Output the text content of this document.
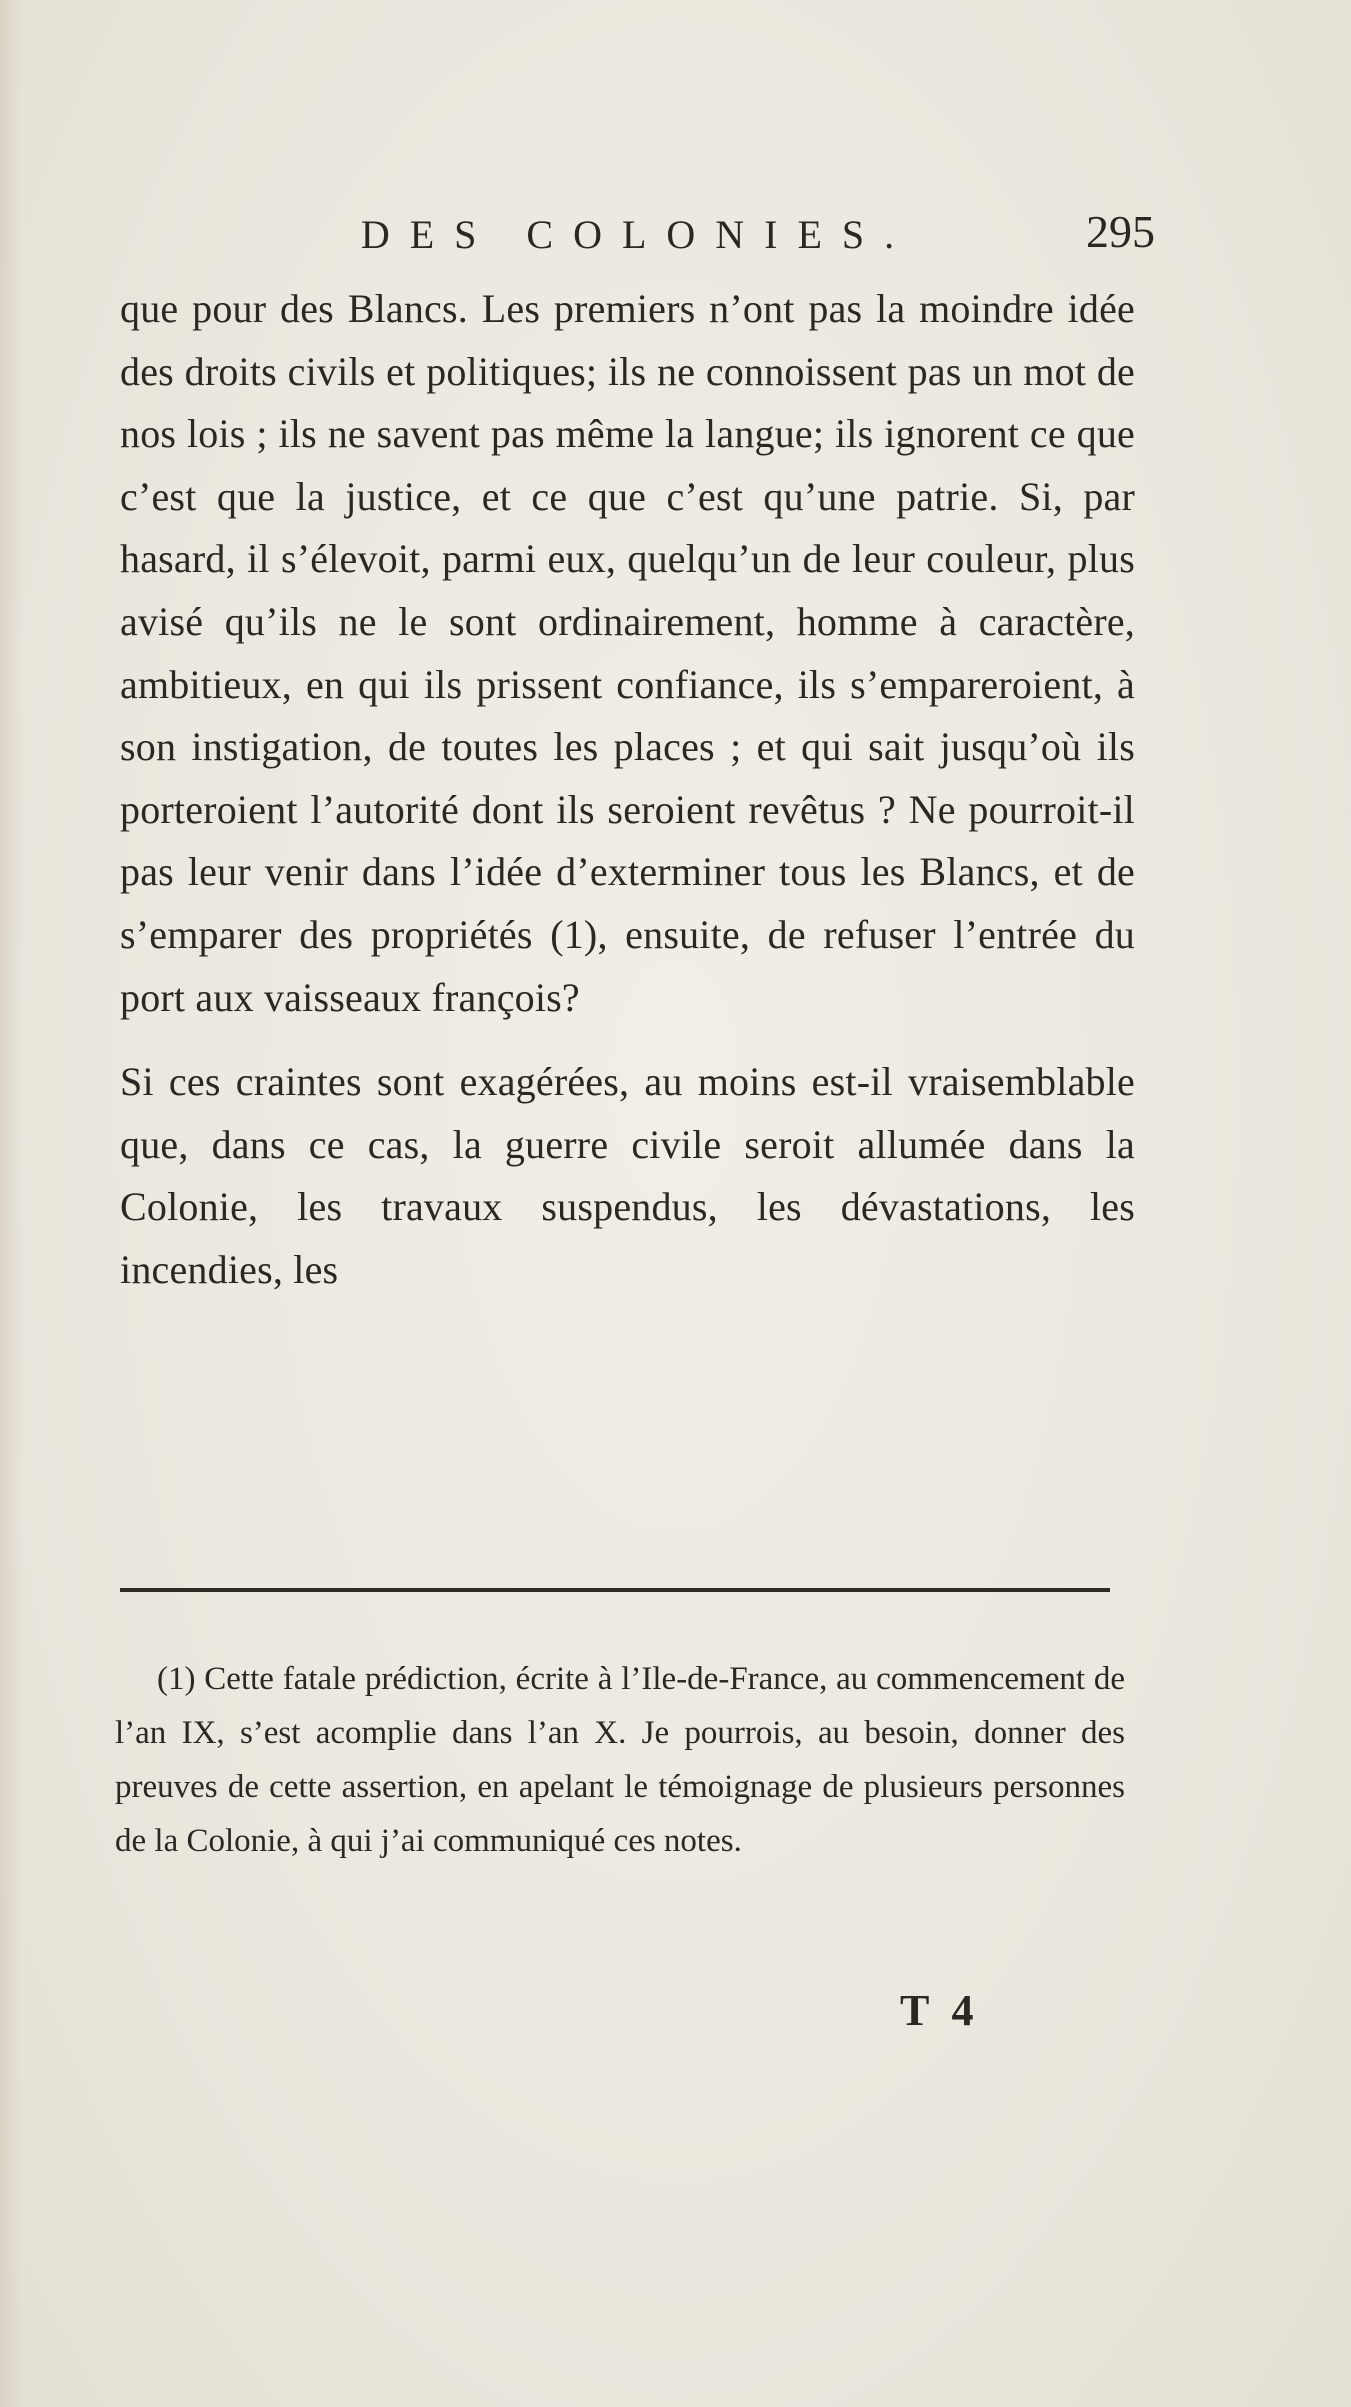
DES COLONIES.	295

que pour des Blancs. Les premiers n’ont pas la moindre idée des droits civils et politiques; ils ne connoissent pas un mot de nos lois ; ils ne savent pas même la langue; ils ignorent ce que c’est que la justice, et ce que c’est qu’une patrie. Si, par hasard, il s’élevoit, parmi eux, quelqu’un de leur couleur, plus avisé qu’ils ne le sont ordinairement, homme à caractère, ambitieux, en qui ils prissent confiance, ils s’empareroient, à son instigation, de toutes les places ; et qui sait jusqu’où ils porteroient l’autorité dont ils seroient revêtus ? Ne pourroit-il pas leur venir dans l’idée d’exterminer tous les Blancs, et de s’emparer des propriétés (1), ensuite, de refuser l’entrée du port aux vaisseaux françois?

Si ces craintes sont exagérées, au moins est-il vraisemblable que, dans ce cas, la guerre civile seroit allumée dans la Colonie, les travaux suspendus, les dévastations, les incendies, les

(1) Cette fatale prédiction, écrite à l’Ile-de-France, au commencement de l’an IX, s’est acomplie dans l’an X. Je pourrois, au besoin, donner des preuves de cette assertion, en apelant le témoignage de plusieurs personnes de la Colonie, à qui j’ai communiqué ces notes.

T 4
